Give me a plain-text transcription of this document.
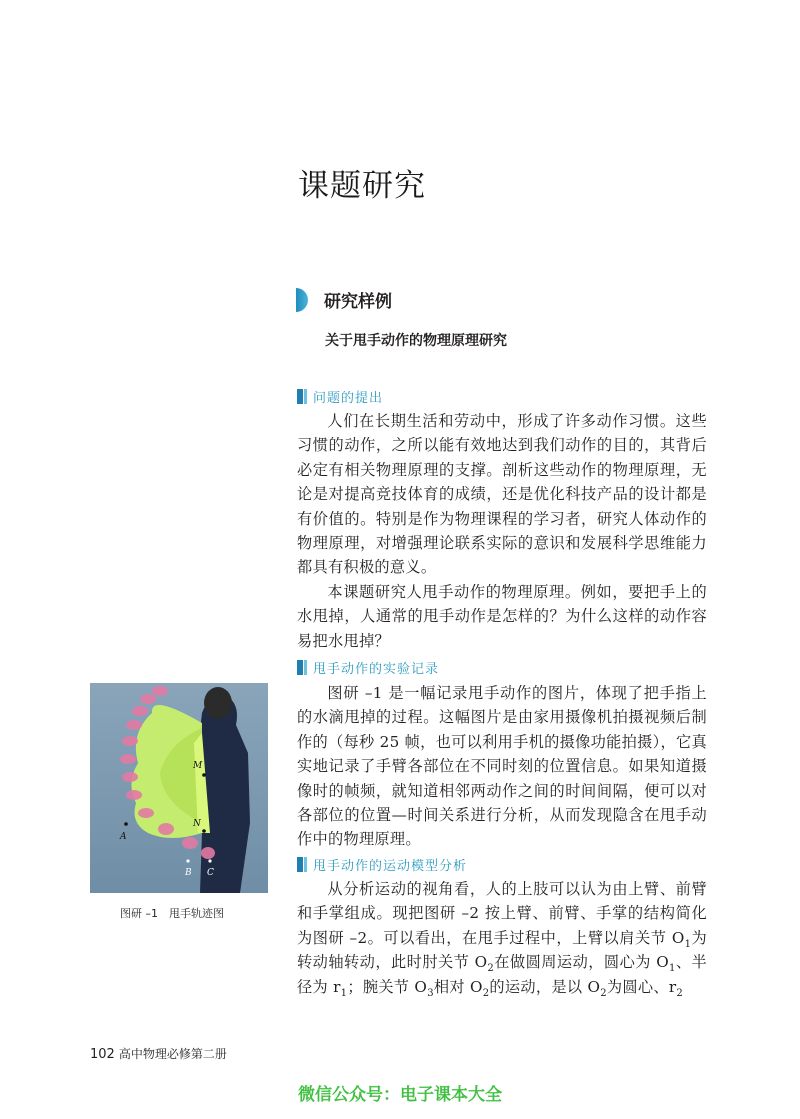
课题研究
研究样例
关于甩手动作的物理原理研究
问题的提出

人们在长期生活和劳动中，形成了许多动作习惯。这些习惯的动作，之所以能有效地达到我们动作的目的，其背后必定有相关物理原理的支撑。剖析这些动作的物理原理，无论是对提高竞技体育的成绩，还是优化科技产品的设计都是有价值的。特别是作为物理课程的学习者，研究人体动作的物理原理，对增强理论联系实际的意识和发展科学思维能力都具有积极的意义。

本课题研究人甩手动作的物理原理。例如，要把手上的水甩掉，人通常的甩手动作是怎样的？为什么这样的动作容易把水甩掉？

甩手动作的实验记录

图研 –1 是一幅记录甩手动作的图片，体现了把手指上的水滴甩掉的过程。这幅图片是由家用摄像机拍摄视频后制作的（每秒 25 帧，也可以利用手机的摄像功能拍摄），它真实地记录了手臂各部位在不同时刻的位置信息。如果知道摄像时的帧频，就知道相邻两动作之间的时间间隔，便可以对各部位的位置—时间关系进行分析，从而发现隐含在甩手动作中的物理原理。

甩手动作的运动模型分析

从分析运动的视角看，人的上肢可以认为由上臂、前臂和手掌组成。现把图研 –2 按上臂、前臂、手掌的结构简化为图研 –2。可以看出，在甩手过程中，上臂以肩关节 $O_1$为转动轴转动，此时肘关节 $O_2$在做圆周运动，圆心为 $O_1$、半径为 $r_1$；腕关节 $O_3$相对 $O_2$的运动，是以 $O_2$为圆心、$r_2$

M
N
A
B C
图研 –1　甩手轨迹图
102 高中物理必修第二册
微信公众号：电子课本大全
